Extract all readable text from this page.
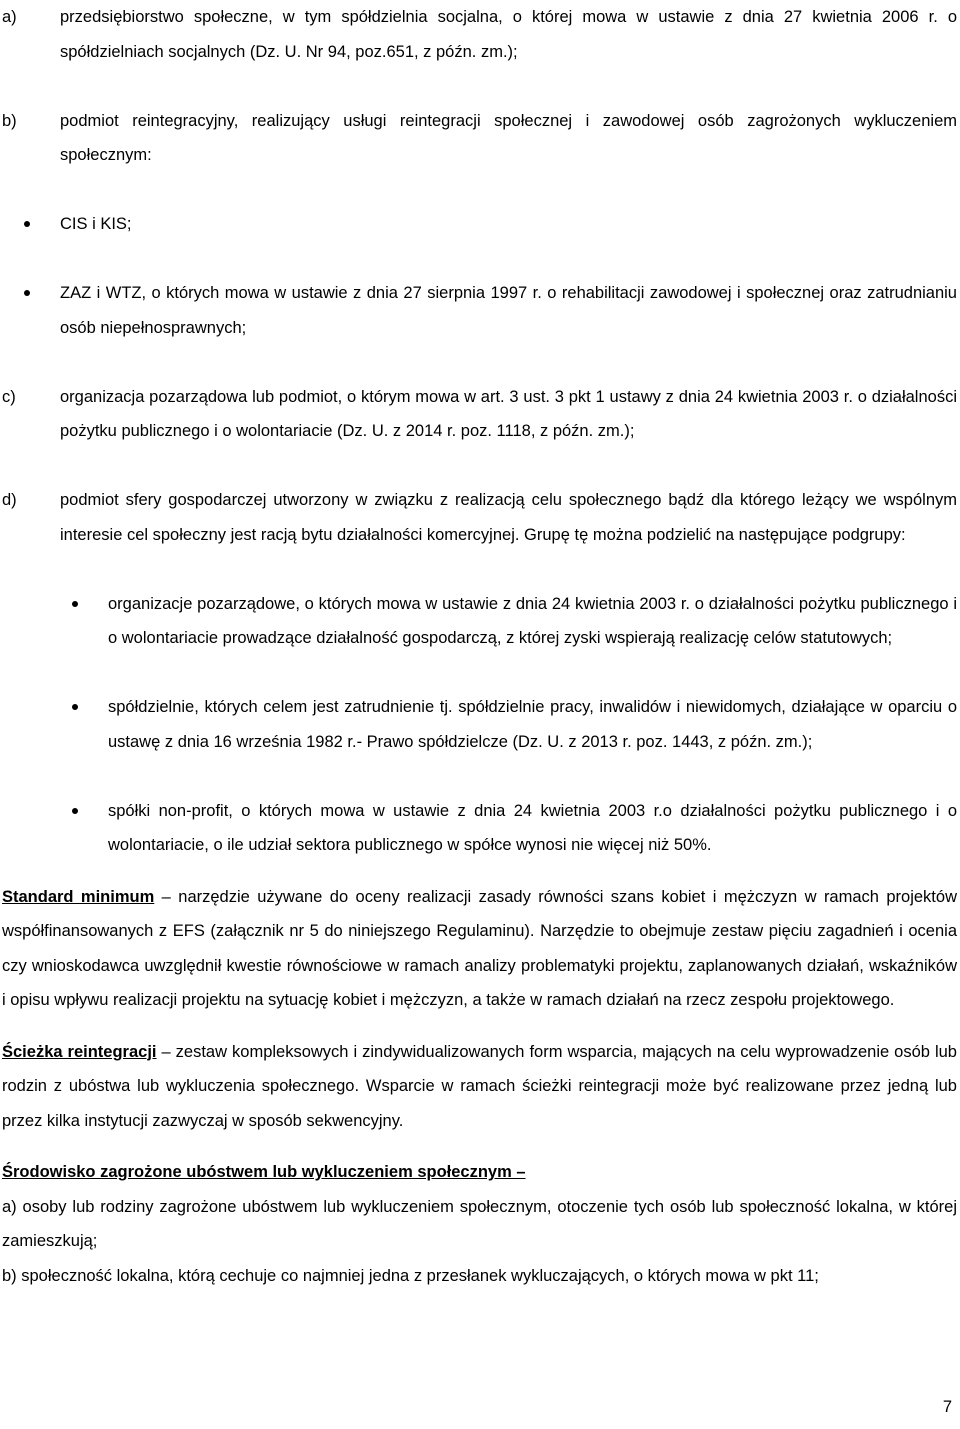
a)	przedsiębiorstwo społeczne, w tym spółdzielnia socjalna, o której mowa w ustawie z dnia 27 kwietnia 2006 r. o spółdzielniach socjalnych (Dz. U. Nr 94, poz.651, z późn. zm.);
b)	podmiot reintegracyjny, realizujący usługi reintegracji społecznej i zawodowej osób zagrożonych wykluczeniem społecznym:
CIS i KIS;
ZAZ i WTZ, o których mowa w ustawie z dnia 27 sierpnia 1997 r. o rehabilitacji zawodowej i społecznej oraz zatrudnianiu osób niepełnosprawnych;
c)	organizacja pozarządowa lub podmiot, o którym mowa w art. 3 ust. 3 pkt 1 ustawy z dnia 24 kwietnia 2003 r. o działalności pożytku publicznego i o wolontariacie (Dz. U. z 2014 r. poz. 1118, z późn. zm.);
d)	podmiot sfery gospodarczej utworzony w związku z realizacją celu społecznego bądź dla którego leżący we wspólnym interesie cel społeczny jest racją bytu działalności komercyjnej. Grupę tę można podzielić na następujące podgrupy:
organizacje pozarządowe, o których mowa w ustawie z dnia 24 kwietnia 2003 r. o działalności pożytku publicznego i o wolontariacie prowadzące działalność gospodarczą, z której zyski wspierają realizację celów statutowych;
spółdzielnie, których celem jest zatrudnienie tj. spółdzielnie pracy, inwalidów i niewidomych, działające w oparciu o ustawę z dnia 16 września 1982 r.- Prawo spółdzielcze (Dz. U. z 2013 r. poz. 1443, z późn. zm.);
spółki non-profit, o których mowa w ustawie z dnia 24 kwietnia 2003 r.o działalności pożytku publicznego i o wolontariacie, o ile udział sektora publicznego w spółce wynosi nie więcej niż 50%.
Standard minimum – narzędzie używane do oceny realizacji zasady równości szans kobiet i mężczyzn w ramach projektów współfinansowanych z EFS (załącznik nr 5 do niniejszego Regulaminu). Narzędzie to obejmuje zestaw pięciu zagadnień i ocenia czy wnioskodawca uwzględnił kwestie równościowe w ramach analizy problematyki projektu, zaplanowanych działań, wskaźników i opisu wpływu realizacji projektu na sytuację kobiet i mężczyzn, a także w ramach działań na rzecz zespołu projektowego.
Ścieżka reintegracji – zestaw kompleksowych i zindywidualizowanych form wsparcia, mających na celu wyprowadzenie osób lub rodzin z ubóstwa lub wykluczenia społecznego. Wsparcie w ramach ścieżki reintegracji może być realizowane przez jedną lub przez kilka instytucji zazwyczaj w sposób sekwencyjny.
Środowisko zagrożone ubóstwem lub wykluczeniem społecznym –
a) osoby lub rodziny zagrożone ubóstwem lub wykluczeniem społecznym, otoczenie tych osób lub społeczność lokalna, w której zamieszkują;
b) społeczność lokalna, którą cechuje co najmniej jedna z przesłanek wykluczających, o których mowa w pkt 11;
7
